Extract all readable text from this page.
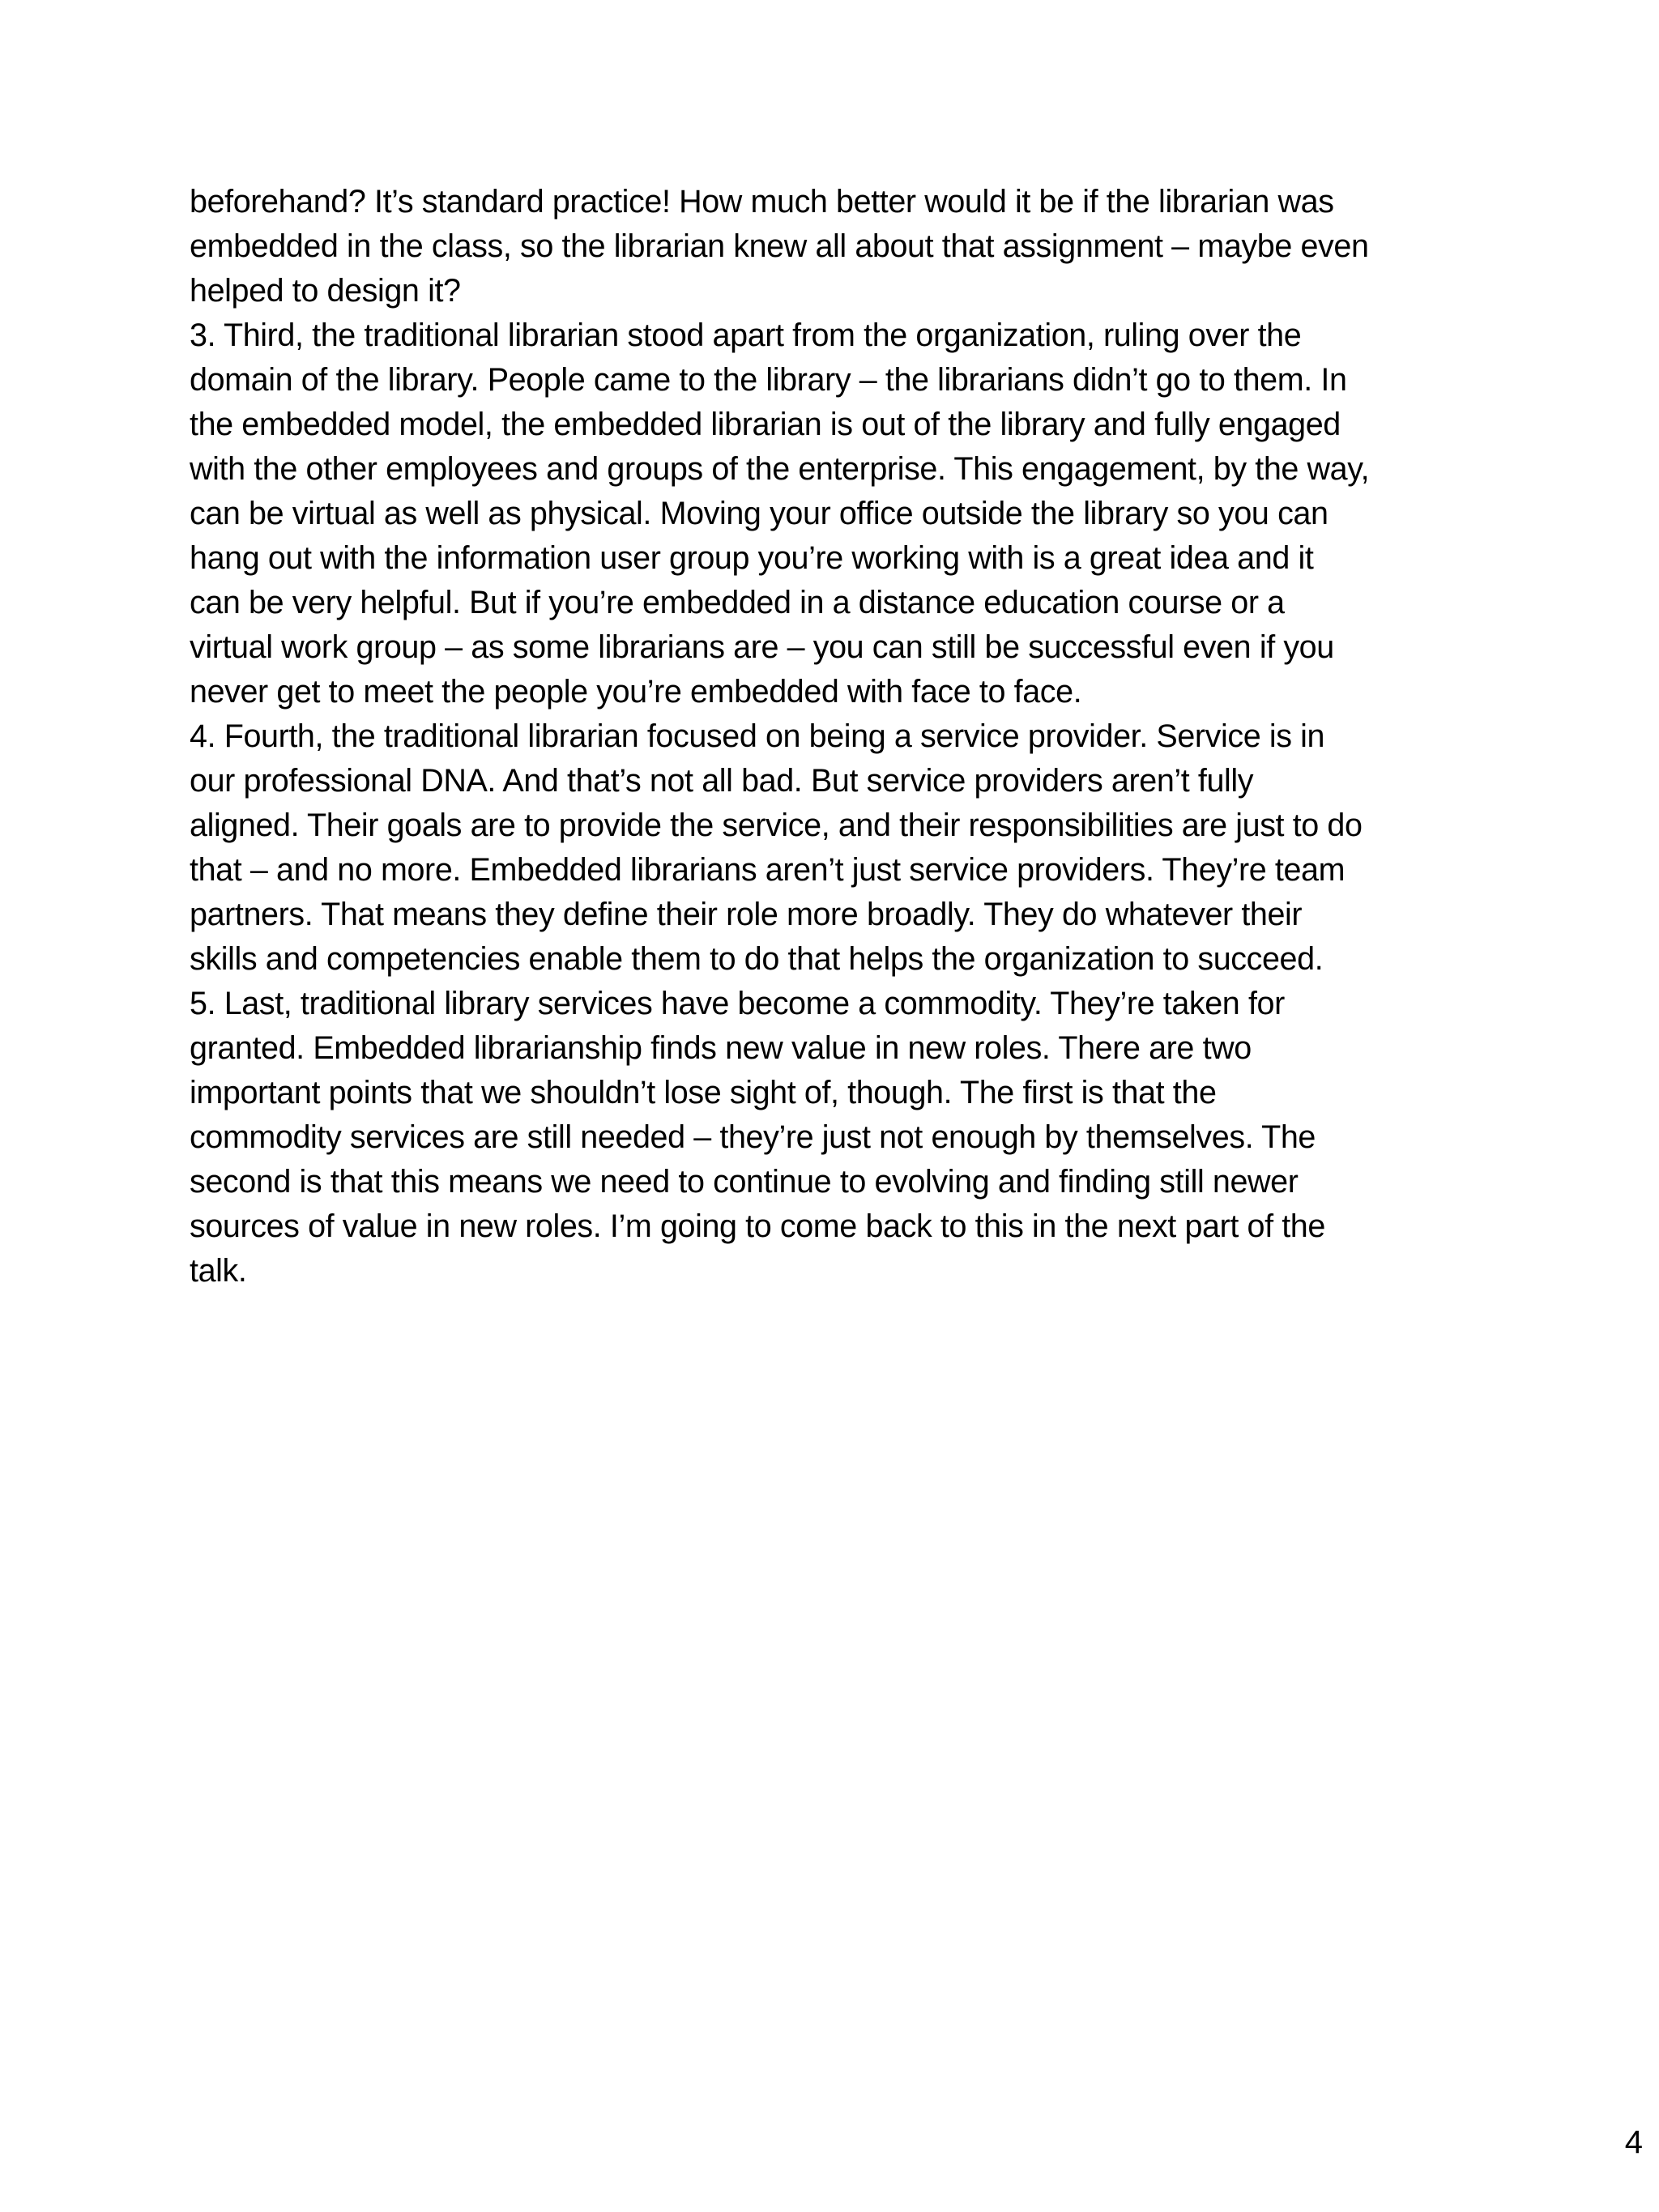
beforehand? It’s standard practice! How much better would it be if the librarian was
embedded in the class, so the librarian knew all about that assignment – maybe even
helped to design it?
3. Third, the traditional librarian stood apart from the organization, ruling over the
domain of the library. People came to the library – the librarians didn’t go to them. In
the embedded model, the embedded librarian is out of the library and fully engaged
with the other employees and groups of the enterprise. This engagement, by the way,
can be virtual as well as physical. Moving your office outside the library so you can
hang out with the information user group you’re working with is a great idea and it
can be very helpful. But if you’re embedded in a distance education course or a
virtual work group – as some librarians are – you can still be successful even if you
never get to meet the people you’re embedded with face to face.
4. Fourth, the traditional librarian focused on being a service provider. Service is in
our professional DNA. And that’s not all bad. But service providers aren’t fully
aligned. Their goals are to provide the service, and their responsibilities are just to do
that – and no more. Embedded librarians aren’t just service providers. They’re team
partners. That means they define their role more broadly. They do whatever their
skills and competencies enable them to do that helps the organization to succeed.
5. Last, traditional library services have become a commodity. They’re taken for
granted. Embedded librarianship finds new value in new roles. There are two
important points that we shouldn’t lose sight of, though. The first is that the
commodity services are still needed – they’re just not enough by themselves. The
second is that this means we need to continue to evolving and finding still newer
sources of value in new roles. I’m going to come back to this in the next part of the
talk.
4
